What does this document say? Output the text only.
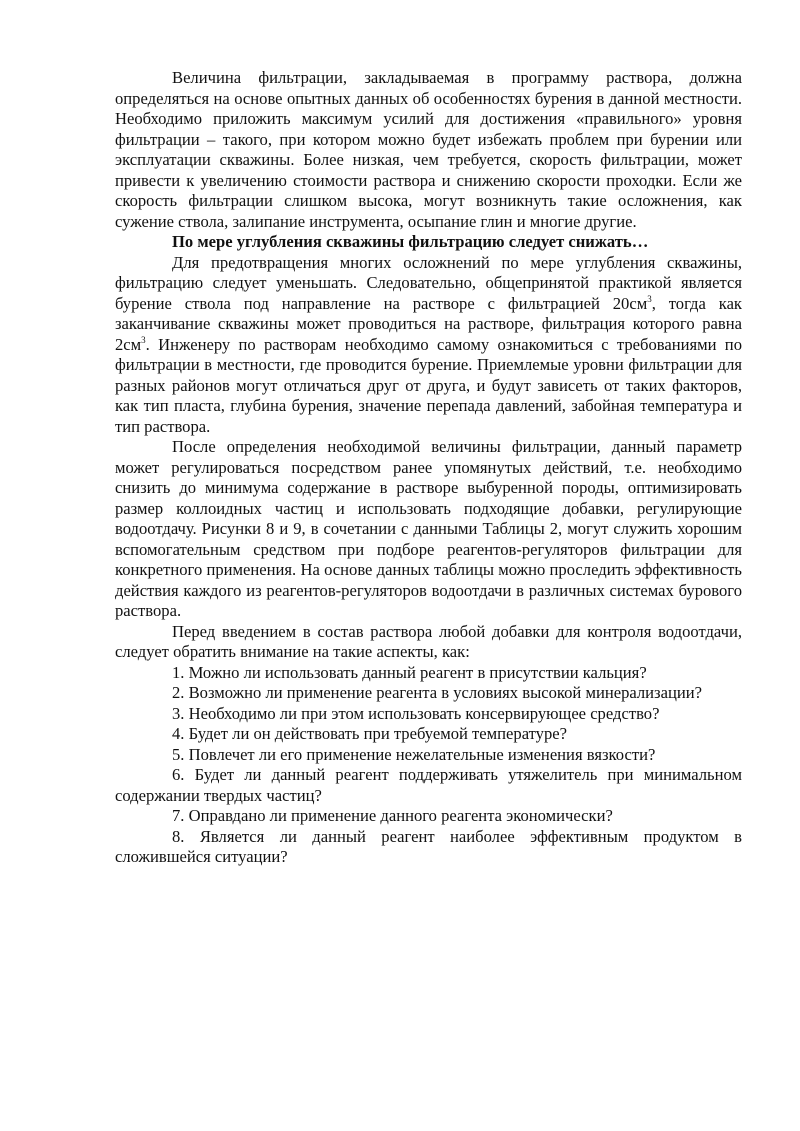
Величина фильтрации, закладываемая в программу раствора, должна определяться на основе опытных данных об особенностях бурения в данной местности. Необходимо приложить максимум усилий для достижения «правильного» уровня фильтрации – такого, при котором можно будет избежать проблем при бурении или эксплуатации скважины. Более низкая, чем требуется, скорость фильтрации, может привести к увеличению стоимости раствора и снижению скорости проходки. Если же скорость фильтрации слишком высока, могут возникнуть такие осложнения, как сужение ствола, залипание инструмента, осыпание глин и многие другие.

По мере углубления скважины фильтрацию следует снижать…

Для предотвращения многих осложнений по мере углубления скважины, фильтрацию следует уменьшать. Следовательно, общепринятой практикой является бурение ствола под направление на растворе с фильтрацией $20см^3$, тогда как заканчивание скважины может проводиться на растворе, фильтрация которого равна $2см^3$. Инженеру по растворам необходимо самому ознакомиться с требованиями по фильтрации в местности, где проводится бурение. Приемлемые уровни фильтрации для разных районов могут отличаться друг от друга, и будут зависеть от таких факторов, как тип пласта, глубина бурения, значение перепада давлений, забойная температура и тип раствора.

После определения необходимой величины фильтрации, данный параметр может регулироваться посредством ранее упомянутых действий, т.е. необходимо снизить до минимума содержание в растворе выбуренной породы, оптимизировать размер коллоидных частиц и использовать подходящие добавки, регулирующие водоотдачу. Рисунки 8 и 9, в сочетании с данными Таблицы 2, могут служить хорошим вспомогательным средством при подборе реагентов-регуляторов фильтрации для конкретного применения. На основе данных таблицы можно проследить эффективность действия каждого из реагентов-регуляторов водоотдачи в различных системах бурового раствора.

Перед введением в состав раствора любой добавки для контроля водоотдачи, следует обратить внимание на такие аспекты, как:

1. Можно ли использовать данный реагент в присутствии кальция?

2. Возможно ли применение реагента в условиях высокой минерализации?

3. Необходимо ли при этом использовать консервирующее средство?

4. Будет ли он действовать при требуемой температуре?

5. Повлечет ли его применение нежелательные изменения вязкости?

6. Будет ли данный реагент поддерживать утяжелитель при минимальном содержании твердых частиц?

7. Оправдано ли применение данного реагента экономически?

8. Является ли данный реагент наиболее эффективным продуктом в сложившейся ситуации?
